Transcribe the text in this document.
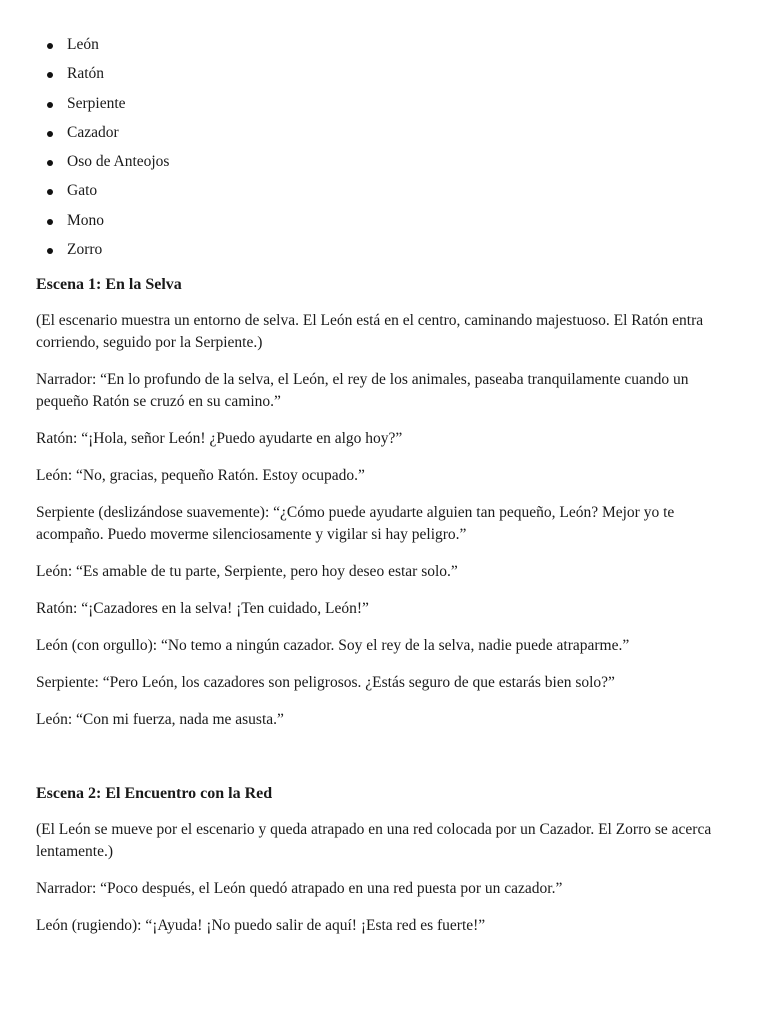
León
Ratón
Serpiente
Cazador
Oso de Anteojos
Gato
Mono
Zorro
Escena 1: En la Selva

(El escenario muestra un entorno de selva. El León está en el centro, caminando majestuoso. El Ratón entra corriendo, seguido por la Serpiente.)

Narrador: “En lo profundo de la selva, el León, el rey de los animales, paseaba tranquilamente cuando un pequeño Ratón se cruzó en su camino.”

Ratón: “¡Hola, señor León! ¿Puedo ayudarte en algo hoy?”

León: “No, gracias, pequeño Ratón. Estoy ocupado.”

Serpiente (deslizándose suavemente): “¿Cómo puede ayudarte alguien tan pequeño, León? Mejor yo te acompaño. Puedo moverme silenciosamente y vigilar si hay peligro.”

León: “Es amable de tu parte, Serpiente, pero hoy deseo estar solo.”

Ratón: “¡Cazadores en la selva! ¡Ten cuidado, León!”

León (con orgullo): “No temo a ningún cazador. Soy el rey de la selva, nadie puede atraparme.”

Serpiente: “Pero León, los cazadores son peligrosos. ¿Estás seguro de que estarás bien solo?”

León: “Con mi fuerza, nada me asusta.”

Escena 2: El Encuentro con la Red

(El León se mueve por el escenario y queda atrapado en una red colocada por un Cazador. El Zorro se acerca lentamente.)

Narrador: “Poco después, el León quedó atrapado en una red puesta por un cazador.”

León (rugiendo): “¡Ayuda! ¡No puedo salir de aquí! ¡Esta red es fuerte!”
